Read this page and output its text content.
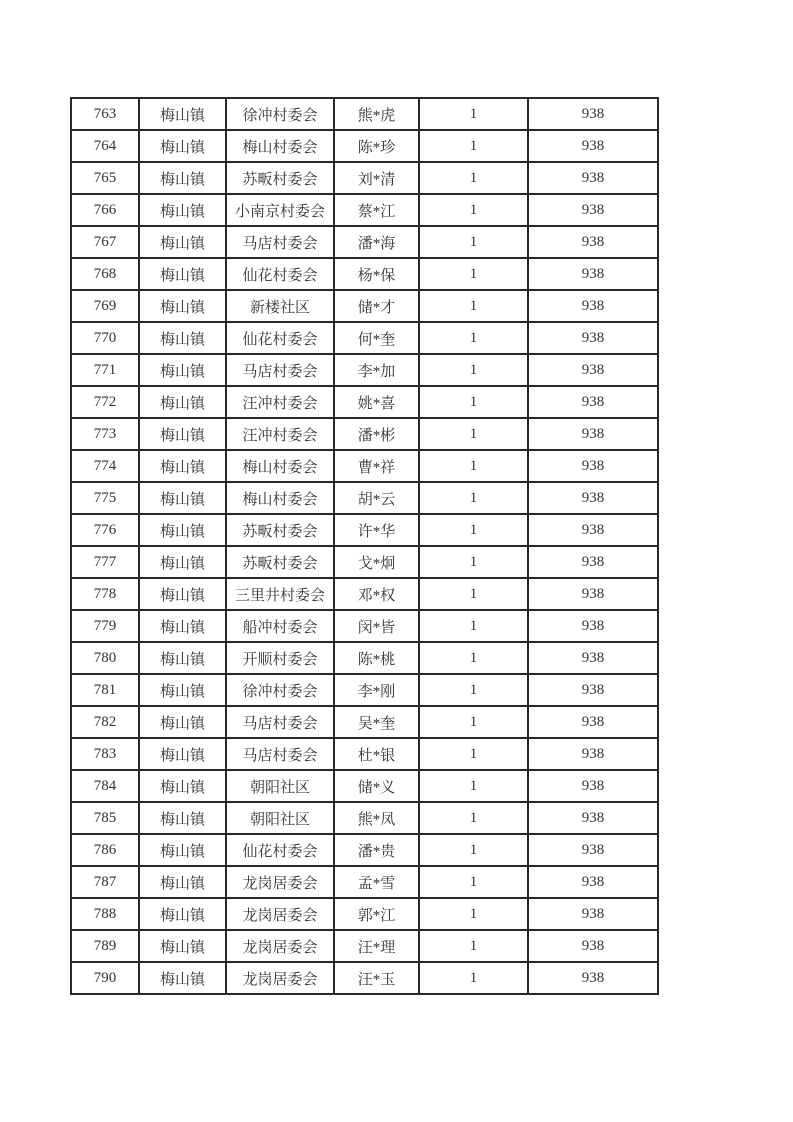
763	梅山镇	徐冲村委会	熊*虎	1	938
764	梅山镇	梅山村委会	陈*珍	1	938
765	梅山镇	苏畈村委会	刘*清	1	938
766	梅山镇	小南京村委会	蔡*江	1	938
767	梅山镇	马店村委会	潘*海	1	938
768	梅山镇	仙花村委会	杨*保	1	938
769	梅山镇	新楼社区	储*才	1	938
770	梅山镇	仙花村委会	何*奎	1	938
771	梅山镇	马店村委会	李*加	1	938
772	梅山镇	汪冲村委会	姚*喜	1	938
773	梅山镇	汪冲村委会	潘*彬	1	938
774	梅山镇	梅山村委会	曹*祥	1	938
775	梅山镇	梅山村委会	胡*云	1	938
776	梅山镇	苏畈村委会	许*华	1	938
777	梅山镇	苏畈村委会	戈*炯	1	938
778	梅山镇	三里井村委会	邓*权	1	938
779	梅山镇	船冲村委会	闵*皆	1	938
780	梅山镇	开顺村委会	陈*桃	1	938
781	梅山镇	徐冲村委会	李*刚	1	938
782	梅山镇	马店村委会	吴*奎	1	938
783	梅山镇	马店村委会	杜*银	1	938
784	梅山镇	朝阳社区	储*义	1	938
785	梅山镇	朝阳社区	熊*凤	1	938
786	梅山镇	仙花村委会	潘*贵	1	938
787	梅山镇	龙岗居委会	孟*雪	1	938
788	梅山镇	龙岗居委会	郭*江	1	938
789	梅山镇	龙岗居委会	汪*理	1	938
790	梅山镇	龙岗居委会	汪*玉	1	938
